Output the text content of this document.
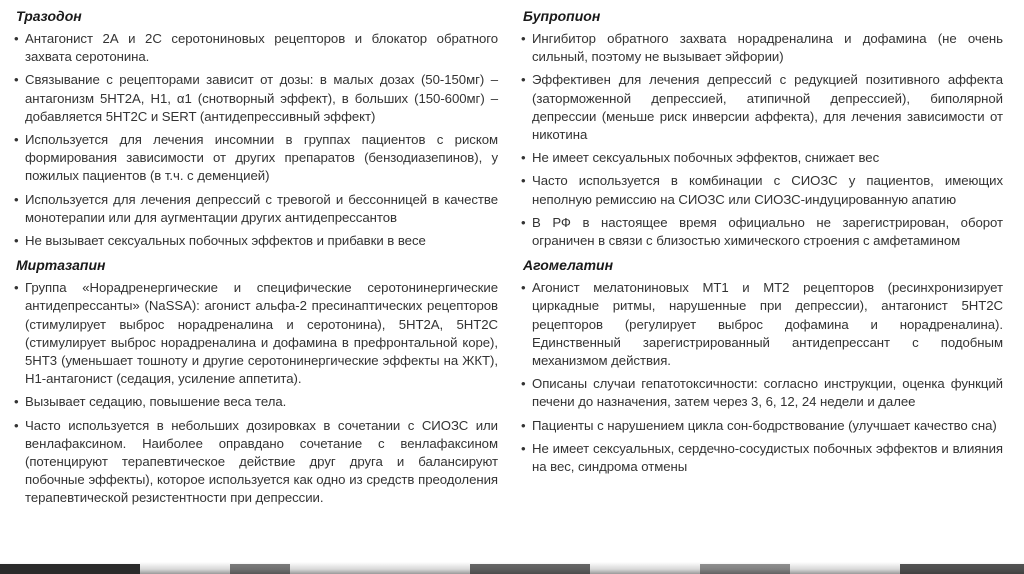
Тразодон
• Антагонист 2А и 2С серотониновых рецепторов и блокатор обратного захвата серотонина.
• Связывание с рецепторами зависит от дозы: в малых дозах (50-150мг) – антагонизм 5НТ2А, Н1, α1 (снотворный эффект), в больших (150-600мг) – добавляется 5НТ2С и SERT (антидепрессивный эффект)
• Используется для лечения инсомнии в группах пациентов с риском формирования зависимости от других препаратов (бензодиазепинов), у пожилых пациентов (в т.ч. с деменцией)
• Используется для лечения депрессий с тревогой и бессонницей в качестве монотерапии или для аугментации других антидепрессантов
• Не вызывает сексуальных побочных эффектов и прибавки в весе
Миртазапин
• Группа «Норадренергические и специфические серотонинергические антидепрессанты» (NaSSA): агонист альфа-2 пресинаптических рецепторов (стимулирует выброс норадреналина и серотонина), 5НТ2А, 5НТ2С (стимулирует выброс норадреналина и дофамина в префронтальной коре), 5НТ3 (уменьшает тошноту и другие серотонинергические эффекты на ЖКТ), Н1-антагонист (седация, усиление аппетита).
• Вызывает седацию, повышение веса тела.
• Часто используется в небольших дозировках в сочетании с СИОЗС или венлафаксином. Наиболее оправдано сочетание с венлафаксином (потенцируют терапевтическое действие друг друга и балансируют побочные эффекты), которое используется как одно из средств преодоления терапевтической резистентности при депрессии.
Бупропион
• Ингибитор обратного захвата норадреналина и дофамина (не очень сильный, поэтому не вызывает эйфории)
• Эффективен для лечения депрессий с редукцией позитивного аффекта (заторможенной депрессией, атипичной депрессией), биполярной депрессии (меньше риск инверсии аффекта), для лечения зависимости от никотина
• Не имеет сексуальных побочных эффектов, снижает вес
• Часто используется в комбинации с СИОЗС у пациентов, имеющих неполную ремиссию на СИОЗС или СИОЗС-индуцированную апатию
• В РФ в настоящее время официально не зарегистрирован, оборот ограничен в связи с близостью химического строения с амфетамином
Агомелатин
• Агонист мелатониновых МТ1 и МТ2 рецепторов (ресинхронизирует циркадные ритмы, нарушенные при депрессии), антагонист 5НТ2С рецепторов (регулирует выброс дофамина и норадреналина). Единственный зарегистрированный антидепрессант с подобным механизмом действия.
• Описаны случаи гепатотоксичности: согласно инструкции, оценка функций печени до назначения, затем через 3, 6, 12, 24 недели и далее
• Пациенты с нарушением цикла сон-бодрствование (улучшает качество сна)
• Не имеет сексуальных, сердечно-сосудистых побочных эффектов и влияния на вес, синдрома отмены
